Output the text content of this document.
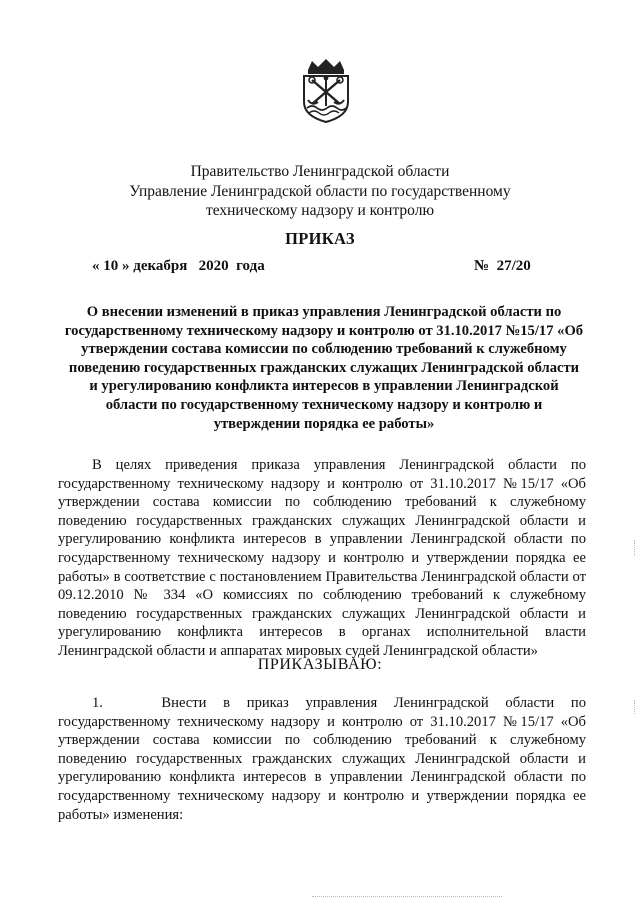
Правительство Ленинградской области
Управление Ленинградской области по государственному
техническому надзору и контролю
ПРИКАЗ
« 10 » декабря   2020  года	№  27/20
О внесении изменений в приказ управления Ленинградской области по государственному техническому надзору и контролю от 31.10.2017 №15/17 «Об утверждении состава комиссии по соблюдению требований к служебному поведению государственных гражданских служащих Ленинградской области и урегулированию конфликта интересов в управлении Ленинградской области по государственному техническому надзору и контролю и утверждении порядка ее работы»
В целях приведения приказа управления Ленинградской области по государственному техническому надзору и контролю от 31.10.2017 №15/17 «Об утверждении состава комиссии по соблюдению требований к служебному поведению государственных гражданских служащих Ленинградской области и урегулированию конфликта интересов в управлении Ленинградской области по государственному техническому надзору и контролю и утверждении порядка ее работы» в соответствие с постановлением Правительства Ленинградской области от 09.12.2010 № 334 «О комиссиях по соблюдению требований к служебному поведению государственных гражданских служащих Ленинградской области и урегулированию конфликта интересов в органах исполнительной власти Ленинградской области и аппаратах мировых судей Ленинградской области»
ПРИКАЗЫВАЮ:
1.       Внести  в  приказ  управления  Ленинградской  области  по государственному техническому надзору и контролю от 31.10.2017 №15/17 «Об утверждении состава комиссии по соблюдению требований к служебному поведению государственных гражданских служащих Ленинградской области и урегулированию конфликта интересов в управлении Ленинградской области по государственному техническому надзору и контролю и утверждении порядка ее работы» изменения:
